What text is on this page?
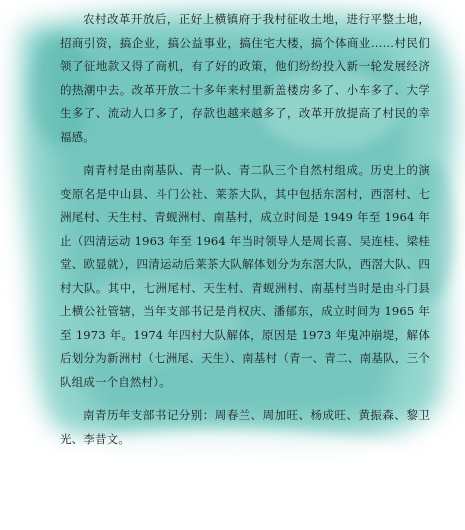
农村改革开放后，正好上横镇府于我村征收土地，进行平整土地，招商引资，搞企业，搞公益事业，搞住宅大楼，搞个体商业……村民们领了征地款又得了商机，有了好的政策，他们纷纷投入新一轮发展经济的热潮中去。改革开放二十多年来村里新盖楼房多了、小车多了、大学生多了、流动人口多了，存款也越来越多了，改革开放提高了村民的幸福感。

南青村是由南基队、青一队、青二队三个自然村组成。历史上的演变原名是中山县、斗门公社、莱茶大队，其中包括东滘村，西滘村、七洲尾村、天生村、青蚬洲村、南基村，成立时间是 1949 年至 1964 年止（四清运动 1963 年至 1964 年当时领导人是周长喜、吴连桂、梁桂堂、欧显就），四清运动后莱茶大队解体划分为东滘大队，西滘大队、四村大队。其中，七洲尾村、天生村、青蚬洲村、南基村当时是由斗门县上横公社管辖，当年支部书记是肖权庆、潘郁东，成立时间为 1965 年至 1973 年。1974 年四村大队解体，原因是 1973 年鬼冲崩堤，解体后划分为新洲村（七洲尾、天生）、南基村（青一、青二、南基队，三个队组成一个自然村）。

南青历年支部书记分别：周春兰、周加旺、杨成旺、黄振森、黎卫光、李昔文。
